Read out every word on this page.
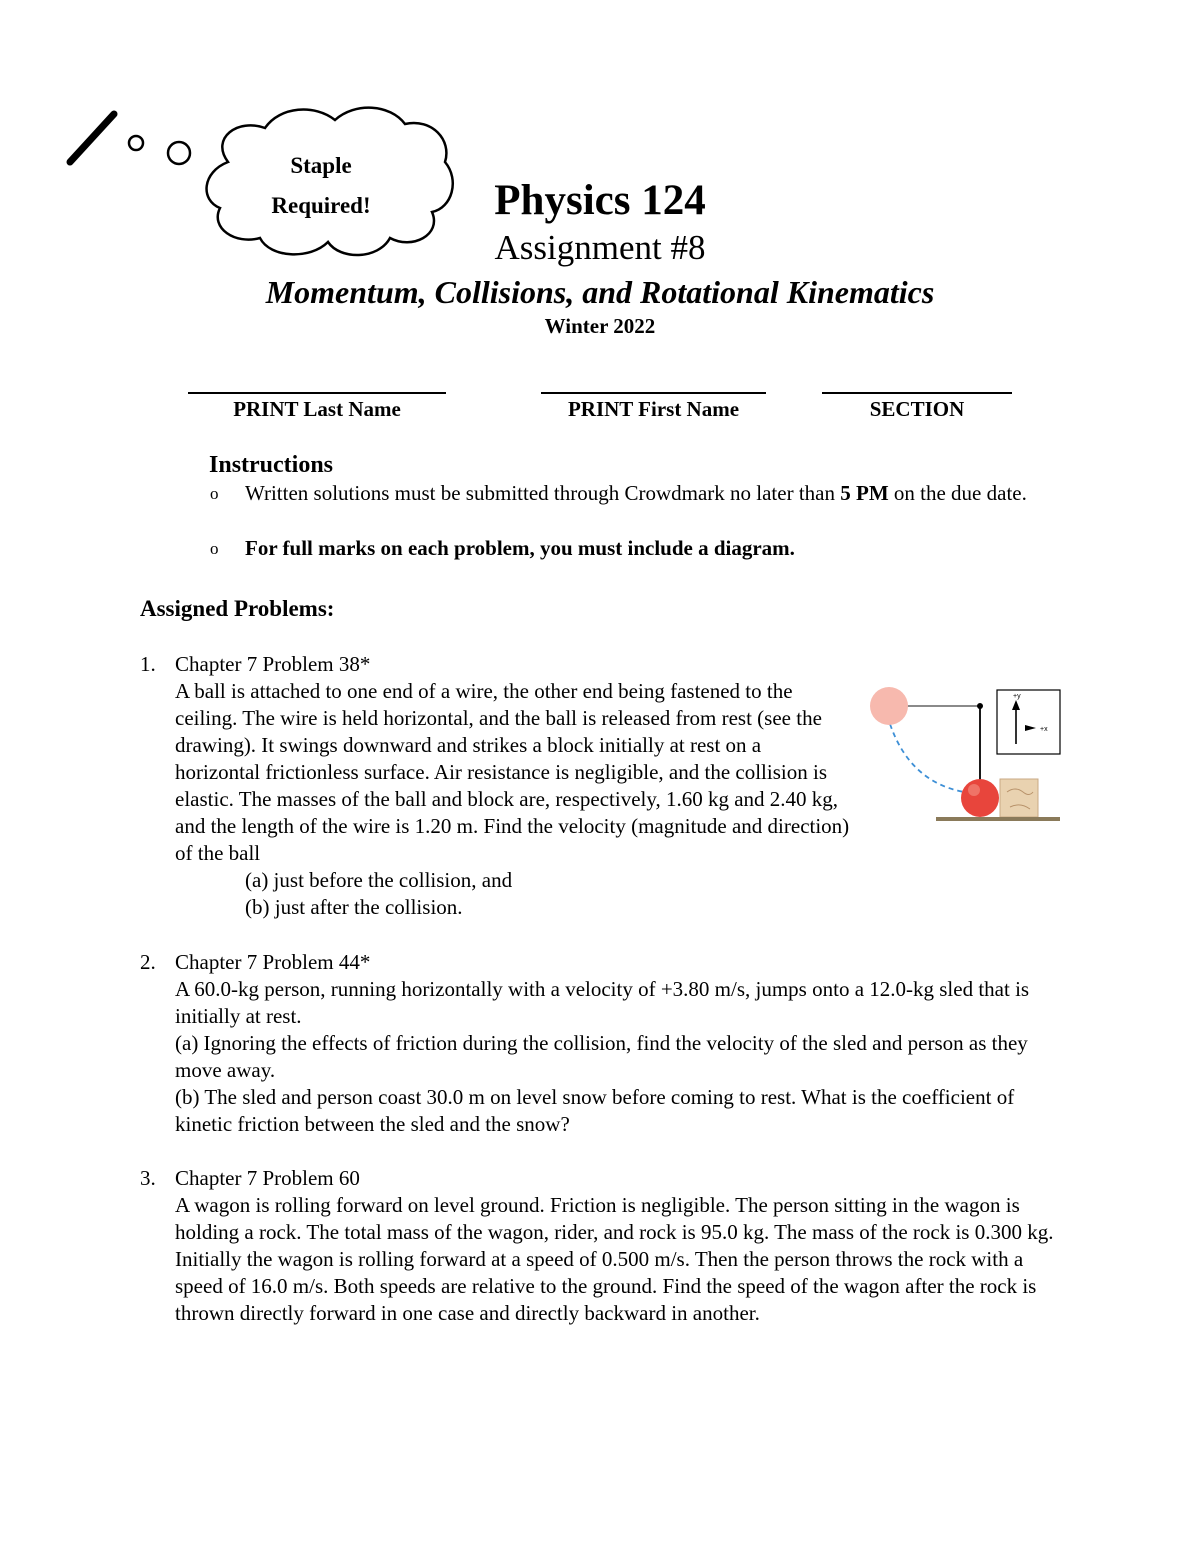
Staple
Required!	Physics 124
Assignment #8
Momentum, Collisions, and Rotational Kinematics
Winter 2022
PRINT Last Name	PRINT First Name	SECTION
Instructions
o Written solutions must be submitted through Crowdmark no later than 5 PM on the due date.
o For full marks on each problem, you must include a diagram.
Assigned Problems:
1. Chapter 7 Problem 38*

A ball is attached to one end of a wire, the other end being fastened to the ceiling. The wire is held horizontal, and the ball is released from rest (see the drawing). It swings downward and strikes a block initially at rest on a horizontal frictionless surface. Air resistance is negligible, and the collision is elastic. The masses of the ball and block are, respectively, 1.60 kg and 2.40 kg, and the length of the wire is 1.20 m. Find the velocity (magnitude and direction) of the ball

(a) just before the collision, and

(b) just after the collision.

+y
+x
2. Chapter 7 Problem 44*

A 60.0-kg person, running horizontally with a velocity of +3.80 m/s, jumps onto a 12.0-kg sled that is initially at rest.

(a) Ignoring the effects of friction during the collision, find the velocity of the sled and person as they move away.

(b) The sled and person coast 30.0 m on level snow before coming to rest. What is the coefficient of kinetic friction between the sled and the snow?

3. Chapter 7 Problem 60

A wagon is rolling forward on level ground. Friction is negligible. The person sitting in the wagon is holding a rock. The total mass of the wagon, rider, and rock is 95.0 kg. The mass of the rock is 0.300 kg. Initially the wagon is rolling forward at a speed of 0.500 m/s. Then the person throws the rock with a speed of 16.0 m/s. Both speeds are relative to the ground. Find the speed of the wagon after the rock is thrown directly forward in one case and directly backward in another.
